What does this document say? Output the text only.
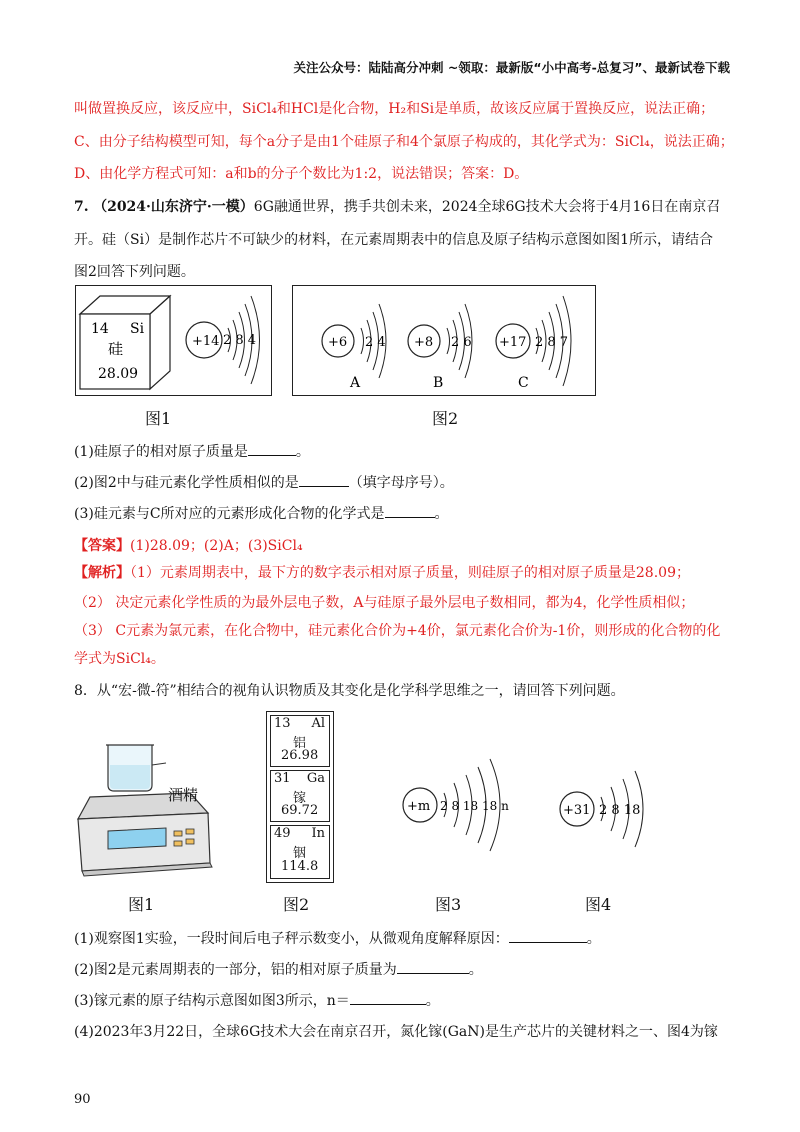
关注公众号：陆陆高分冲刺 ~领取：最新版“小中高考-总复习”、最新试卷下载
叫做置换反应，该反应中，SiCl₄和HCl是化合物，H₂和Si是单质，故该反应属于置换反应，说法正确；
C、由分子结构模型可知，每个a分子是由1个硅原子和4个氯原子构成的，其化学式为：SiCl₄，说法正确；
D、由化学方程式可知：a和b的分子个数比为1:2，说法错误；答案：D。
7. （2024·山东济宁·一模）6G融通世界，携手共创未来，2024全球6G技术大会将于4月16日在南京召
开。硅（Si）是制作芯片不可缺少的材料，在元素周期表中的信息及原子结构示意图如图1所示，请结合
图2回答下列问题。
14 Si
硅
28.09
+14 2 8 4
图1
+6 2 4
A
+8 2 6
B
+17 2 8 7
C
图2
(1)硅原子的相对原子质量是	。
(2)图2中与硅元素化学性质相似的是	（填字母序号）。
(3)硅元素与C所对应的元素形成化合物的化学式是	。
【答案】(1)28.09；(2)A；(3)SiCl₄
【解析】（1）元素周期表中，最下方的数字表示相对原子质量，则硅原子的相对原子质量是28.09；
（2） 决定元素化学性质的为最外层电子数，A与硅原子最外层电子数相同，都为4，化学性质相似；
（3） C元素为氯元素，在化合物中，硅元素化合价为+4价，氯元素化合价为-1价，则形成的化合物的化
学式为SiCl₄。
8．从“宏-微-符”相结合的视角认识物质及其变化是化学科学思维之一，请回答下列问题。
酒精
图1
13 Al
铝
26.98
31 Ga
镓
69.72
49 In
铟
114.8
图2
+m 2 8 18 18 n
图3
+31 2 8 18
图4
(1)观察图1实验，一段时间后电子秤示数变小，从微观角度解释原因：	。
(2)图2是元素周期表的一部分，铝的相对原子质量为	。
(3)镓元素的原子结构示意图如图3所示，n＝	。
(4)2023年3月22日，全球6G技术大会在南京召开，氮化镓(GaN)是生产芯片的关键材料之一、图4为镓
90
